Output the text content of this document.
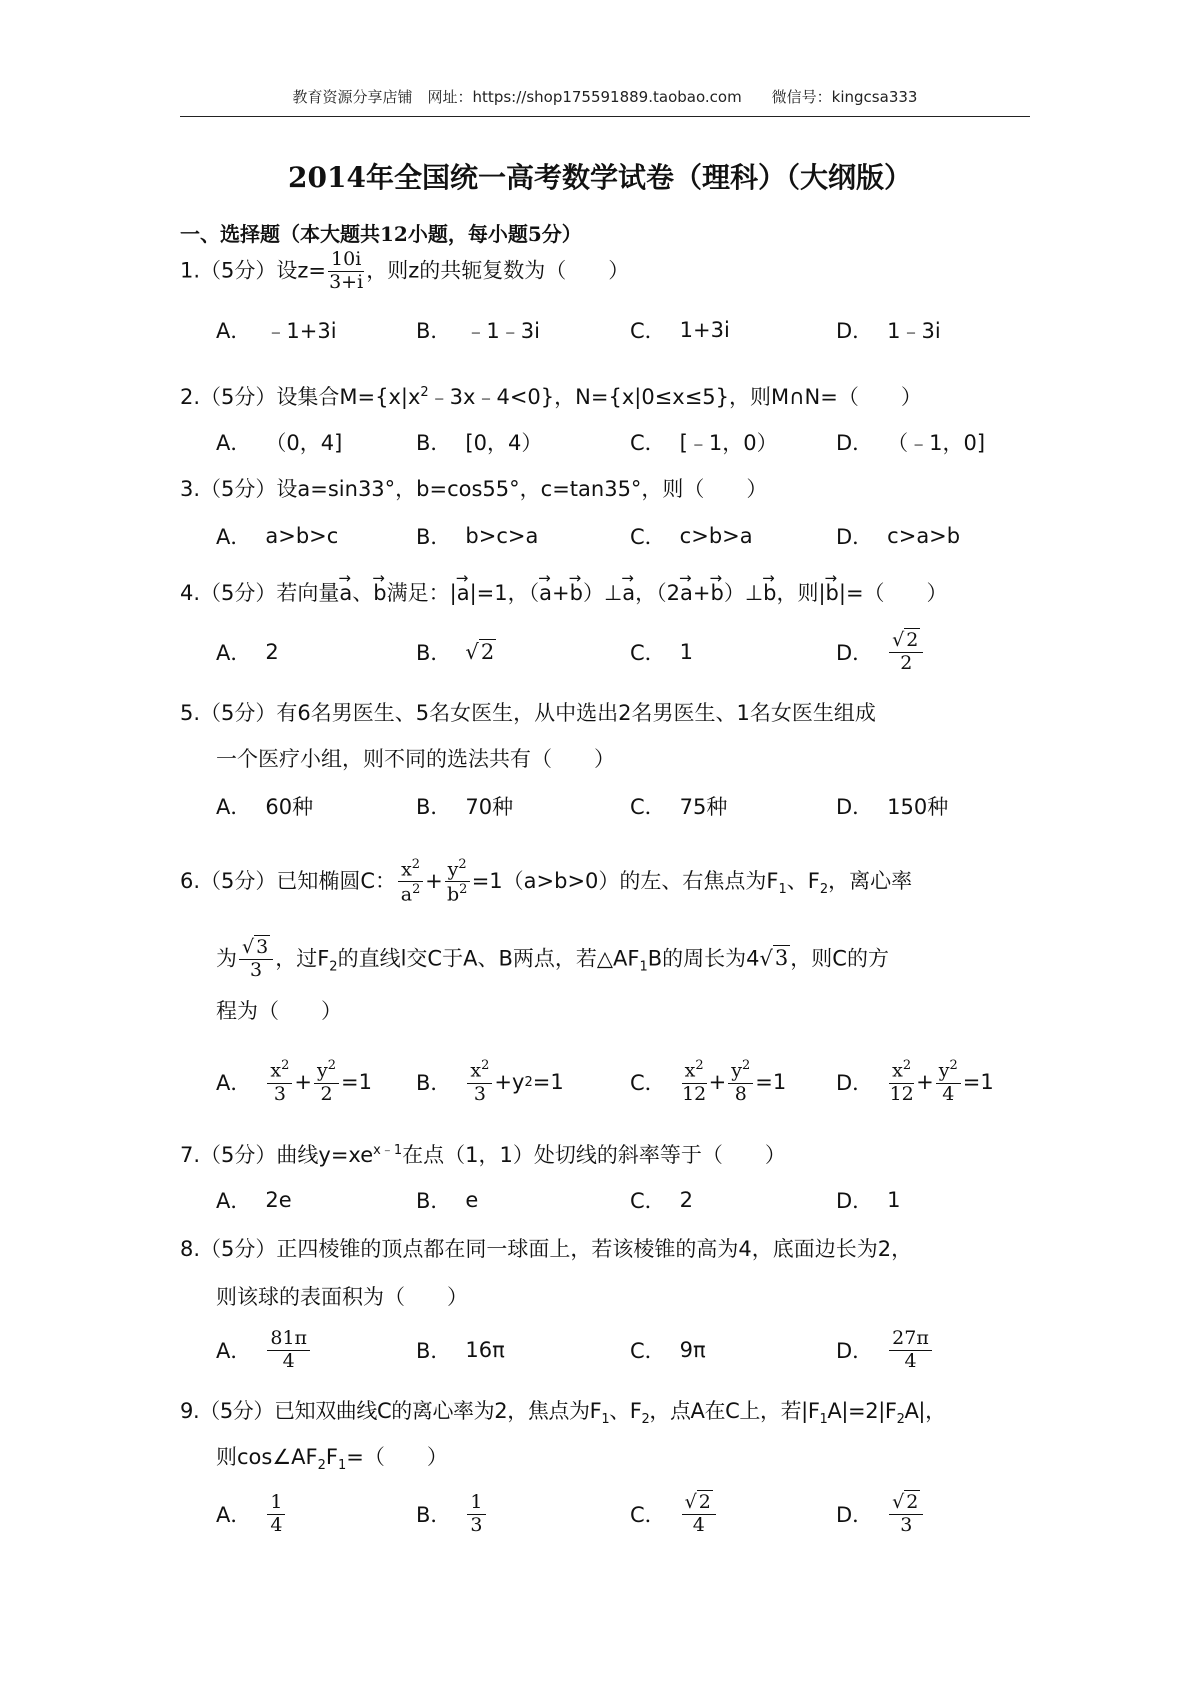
教育资源分享店铺　网址：https://shop175591889.taobao.com　　微信号：kingcsa333
2014年全国统一高考数学试卷（理科）（大纲版）
一、选择题（本大题共12小题，每小题5分）
1.（5分）设$z= \frac{10i}{3+i}$ ，则z的共轭复数为（　　）
A． ﹣1+3i	B． ﹣1﹣3i	C． 1+3i	D． 1﹣3i
2.（5分）设集合$M=\{x|x^2﹣3x﹣4<0\}$，N={x|0≤x≤5}，则M∩N=（　　）
A． （0，4]	B． [0，4）	C． [﹣1，0）	D． （﹣1，0]
3.（5分）设a=sin33°，b=cos55°，c=tan35°，则（　　）
A． a>b>c	B． b>c>a	C． c>b>a	D． c>a>b
4.（5分）若向量→ a、→ b满足：|→ a|=1，（→ a+→ b）⊥→ a，（2→ a+→ b）⊥→ b，则|→ b|=（　　）
A． 2	B． √2	C． 1	D． $\frac{√ 2}{2}$
5.（5分）有6名男医生、5名女医生，从中选出2名男医生、1名女医生组成
一个医疗小组，则不同的选法共有（　　）
A． 60种	B． 70种	C． 75种	D． 150种
6.（5分）已知椭圆C： $\frac{x^2}{a^2} + \frac{y^2}{b^2} =1(a>b>0)$的左、右焦点为$F_1$、$F_2$，离心率
为 $\frac{√ 3}{3}$ ，过$F_2$的直线l交C于A、B两点，若$\triangle AF_1B$的周长为4√3，则C的方
程为（　　）
A． $\frac{x^2}{3} + \frac{y^2}{2} =1$ B． $\frac{x^2}{3} +y$ 2 =1	C． $\frac{x^2}{12} + \frac{y^2}{8} =1$ D． $\frac{x^2}{12} + \frac{y^2}{4} =1$
7.（5分）曲线$y=xe^{x﹣1}$在点（1，1）处切线的斜率等于（　　）
A． 2e	B． e	C． 2	D． 1
8.（5分）正四棱锥的顶点都在同一球面上，若该棱锥的高为4，底面边长为2，
则该球的表面积为（　　）
A． $\frac{81\pi}{4}$	B． 16π	C． 9π	D． $\frac{27\pi}{4}$
9.（5分）已知双曲线C的离心率为2，焦点为$F_1$、$F_2$，点A在C上，若$|F_1A|=2|F_2A|$，
则$\cos\angle AF_2F_1=$（　　）
A． $\frac{1}{4}$	B． $\frac{1}{3}$	C． $\frac{√ 2}{4}$	D． $\frac{√ 2}{3}$
